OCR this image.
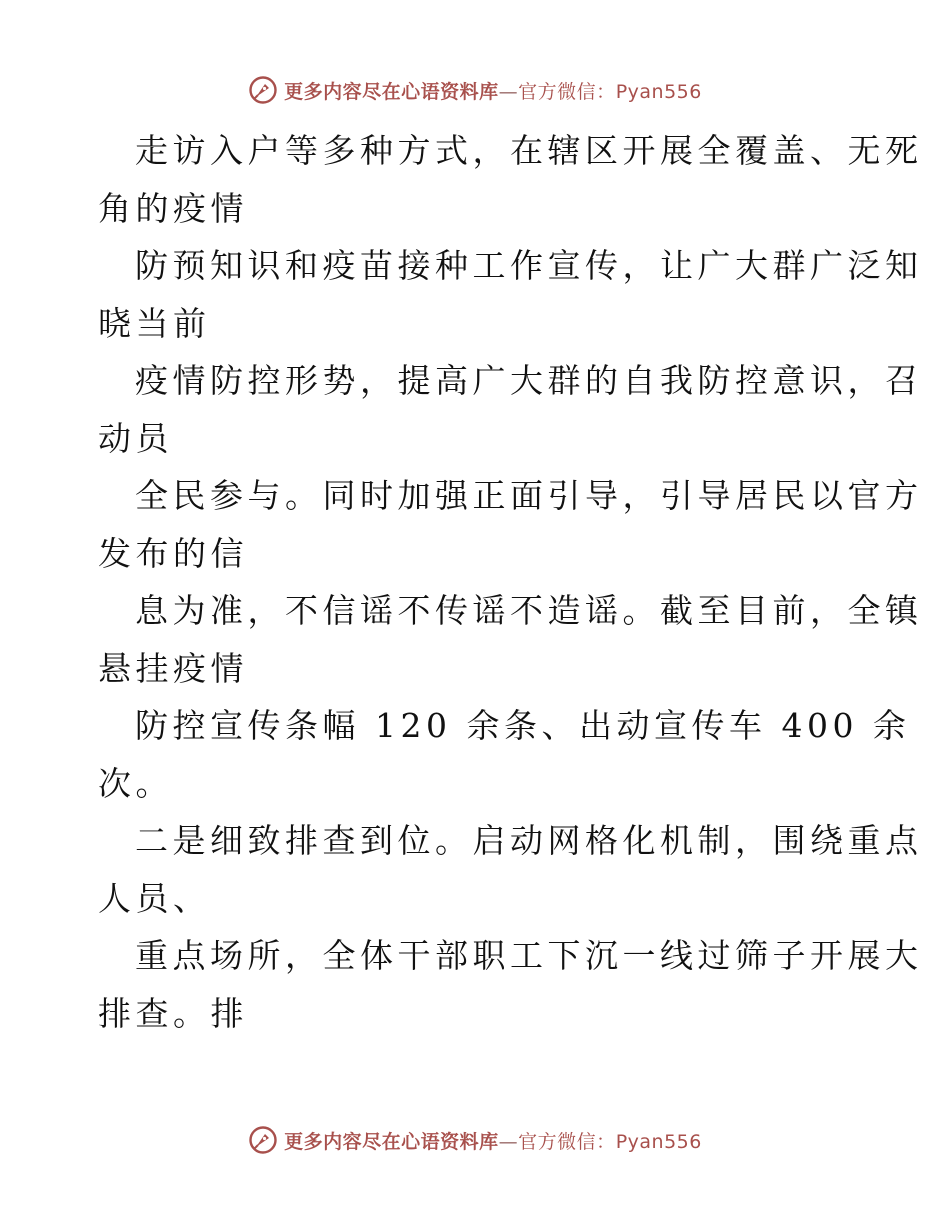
更多内容尽在心语资料库—官方微信：Pyan556
走访入户等多种方式，在辖区开展全覆盖、无死
角的疫情
防预知识和疫苗接种工作宣传，让广大群广泛知
晓当前
疫情防控形势，提高广大群的自我防控意识，召
动员
全民参与。同时加强正面引导，引导居民以官方
发布的信
息为准，不信谣不传谣不造谣。截至目前，全镇
悬挂疫情
防控宣传条幅 120 余条、出动宣传车 400 余
次。
二是细致排查到位。启动网格化机制，围绕重点
人员、
重点场所，全体干部职工下沉一线过筛子开展大
排查。排
更多内容尽在心语资料库—官方微信：Pyan556
